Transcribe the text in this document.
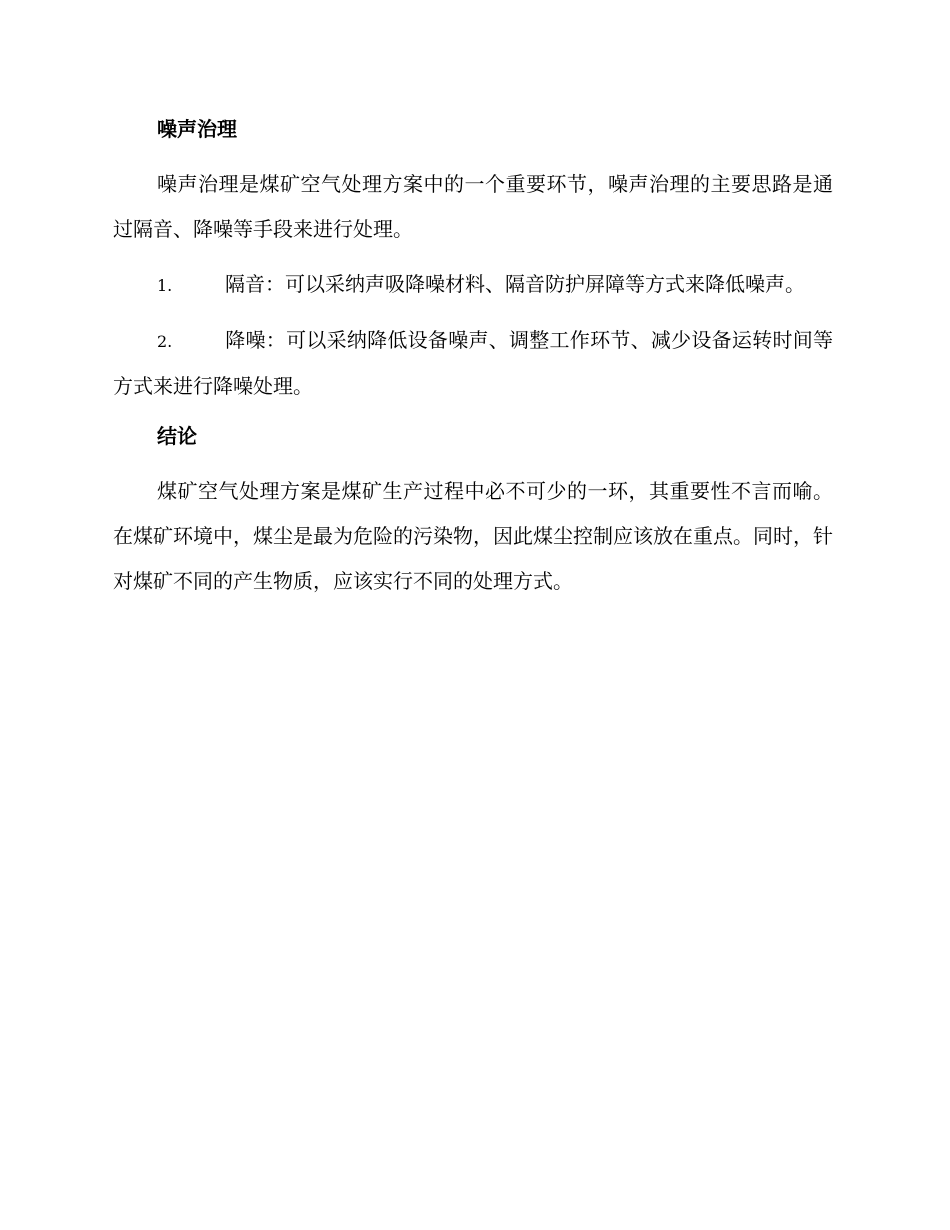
噪声治理

噪声治理是煤矿空气处理方案中的一个重要环节，噪声治理的主要思路是通过隔音、降噪等手段来进行处理。

1.	隔音：可以采纳声吸降噪材料、隔音防护屏障等方式来降低噪声。

2.	降噪：可以采纳降低设备噪声、调整工作环节、减少设备运转时间等方式来进行降噪处理。

结论

煤矿空气处理方案是煤矿生产过程中必不可少的一环，其重要性不言而喻。在煤矿环境中，煤尘是最为危险的污染物，因此煤尘控制应该放在重点。同时，针对煤矿不同的产生物质，应该实行不同的处理方式。
